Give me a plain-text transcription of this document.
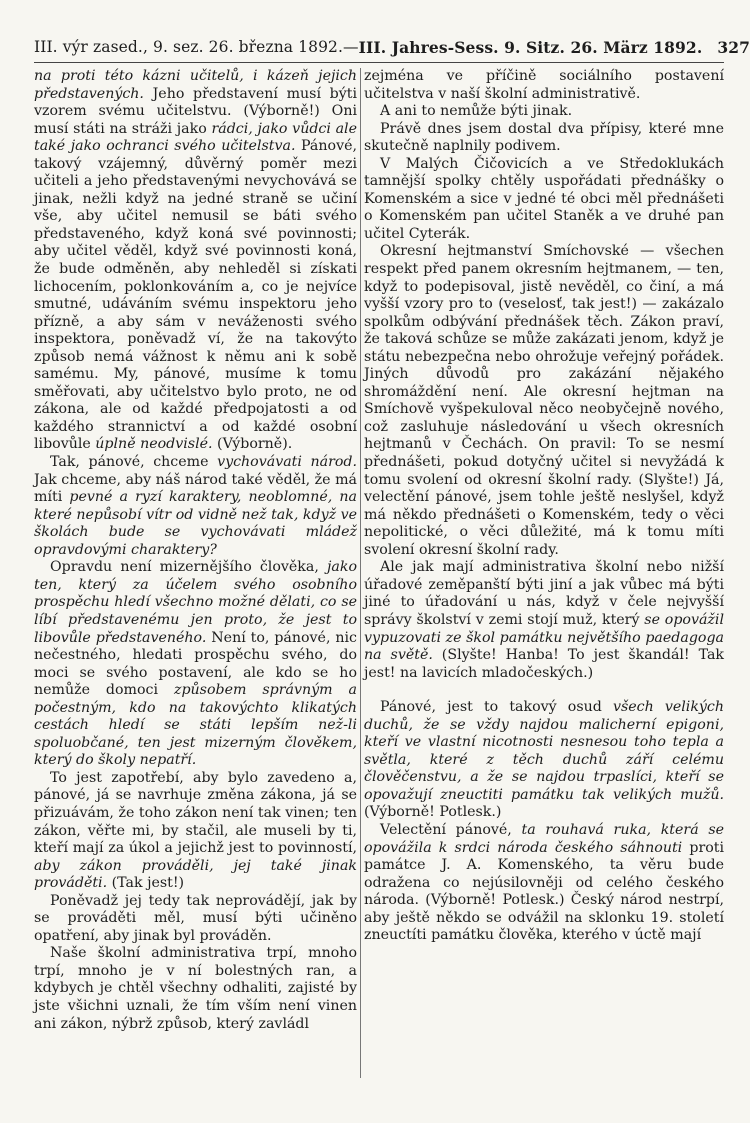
III. výr zased., 9. sez. 26. března 1892. — III. Jahres-Sess. 9. Sitz. 26. März 1892. 327

na proti této kázni učitelů, i kázeň jejich představených. Jeho představení musí býti vzorem svému učitelstvu. (Výborně!) Oni musí státi na stráži jako rádci, jako vůdci ale také jako ochranci svého učitelstva. Pánové, takový vzájemný, důvěrný poměr mezi učiteli a jeho představenými nevychovává se jinak, nežli když na jedné straně se učiní vše, aby učitel nemusil se báti svého představeného, když koná své povinnosti; aby učitel věděl, když své povinnosti koná, že bude odměněn, aby nehleděl si získati lichocením, poklonkováním a, co je nejvíce smutné, udáváním svému inspektoru jeho přízně, a aby sám v neváženosti svého inspektora, poněvadž ví, že na takovýto způsob nemá vážnost k němu ani k sobě samému. My, pánové, musíme k tomu směřovati, aby učitelstvo bylo proto, ne od zákona, ale od každé předpojatosti a od každého strannictví a od každé osobní libovůle úplně neodvislé. (Výborně).

Tak, pánové, chceme vychovávati národ. Jak chceme, aby náš národ také věděl, že má míti pevné a ryzí karaktery, neoblomné, na které nepůsobí vítr od vidně než tak, když ve školách bude se vychovávati mládež opravdovými charaktery?

Opravdu není mizernějšího člověka, jako ten, který za účelem svého osobního prospěchu hledí všechno možné dělati, co se líbí představenému jen proto, že jest to libovůle představeného. Není to, pánové, nic nečestného, hledati prospěchu svého, do moci se svého postavení, ale kdo se ho nemůže domoci způsobem správným a počestným, kdo na takovýchto klikatých cestách hledí se státi lepším než-li spoluobčané, ten jest mizerným člověkem, který do školy nepatří.

To jest zapotřebí, aby bylo zavedeno a, pánové, já se navrhuje změna zákona, já se přizuávám, že toho zákon není tak vinen; ten zákon, věřte mi, by stačil, ale museli by ti, kteří mají za úkol a jejichž jest to povinností, aby zákon prováděli, jej také jinak prováděti. (Tak jest!)

Poněvadž jej tedy tak neprovádějí, jak by se prováděti měl, musí býti učiněno opatření, aby jinak byl prováděn.

Naše školní administrativa trpí, mnoho trpí, mnoho je v ní bolestných ran, a kdybych je chtěl všechny odhaliti, zajisté by jste všichni uznali, že tím vším není vinen ani zákon, nýbrž způsob, který zavládl

zejména ve příčině sociálního postavení učitelstva v naší školní administrativě.

A ani to nemůže býti jinak.

Právě dnes jsem dostal dva přípisy, které mne skutečně naplnily podivem.

V Malých Čičovicích a ve Středoklukách tamnější spolky chtěly uspořádati přednášky o Komenském a sice v jedné té obci měl přednášeti o Komenském pan učitel Staněk a ve druhé pan učitel Cyterák.

Okresní hejtmanství Smíchovské — všechen respekt před panem okresním hejtmanem, — ten, když to podepisoval, jistě nevěděl, co činí, a má vyšší vzory pro to (veselosť, tak jest!) — zakázalo spolkům odbývání přednášek těch. Zákon praví, že taková schůze se může zakázati jenom, když je státu nebezpečna nebo ohrožuje veřejný pořádek. Jiných důvodů pro zakázání nějakého shromáždění není. Ale okresní hejtman na Smíchově vyšpekuloval něco neobyčejně nového, což zasluhuje následování u všech okresních hejtmanů v Čechách. On pravil: To se nesmí přednášeti, pokud dotyčný učitel si nevyžádá k tomu svolení od okresní školní rady. (Slyšte!) Já, velectění pánové, jsem tohle ještě neslyšel, když má někdo přednášeti o Komenském, tedy o věci nepolitické, o věci důležité, má k tomu míti svolení okresní školní rady.

Ale jak mají administrativa školní nebo nižší úřadové zeměpanští býti jiní a jak vůbec má býti jiné to úřadování u nás, když v čele nejvyšší správy školství v zemi stojí muž, který se opovážil vypuzovati ze škol památku největšího paedagoga na světě. (Slyšte! Hanba! To jest škandál! Tak jest! na lavicích mladočeských.)

Pánové, jest to takový osud všech velikých duchů, že se vždy najdou malicherní epigoni, kteří ve vlastní nicotnosti nesnesou toho tepla a světla, které z těch duchů září celému člověčenstvu, a že se najdou trpaslíci, kteří se opovažují zneuctiti památku tak velikých mužů. (Výborně! Potlesk.)

Velectění pánové, ta rouhavá ruka, která se opovážila k srdci národa českého sáhnouti proti památce J. A. Komenského, ta věru bude odražena co nejúsilovněji od celého českého národa. (Výborně! Potlesk.) Český národ nestrpí, aby ještě někdo se odvážil na sklonku 19. století zneuctíti památku člověka, kterého v úctě mají
